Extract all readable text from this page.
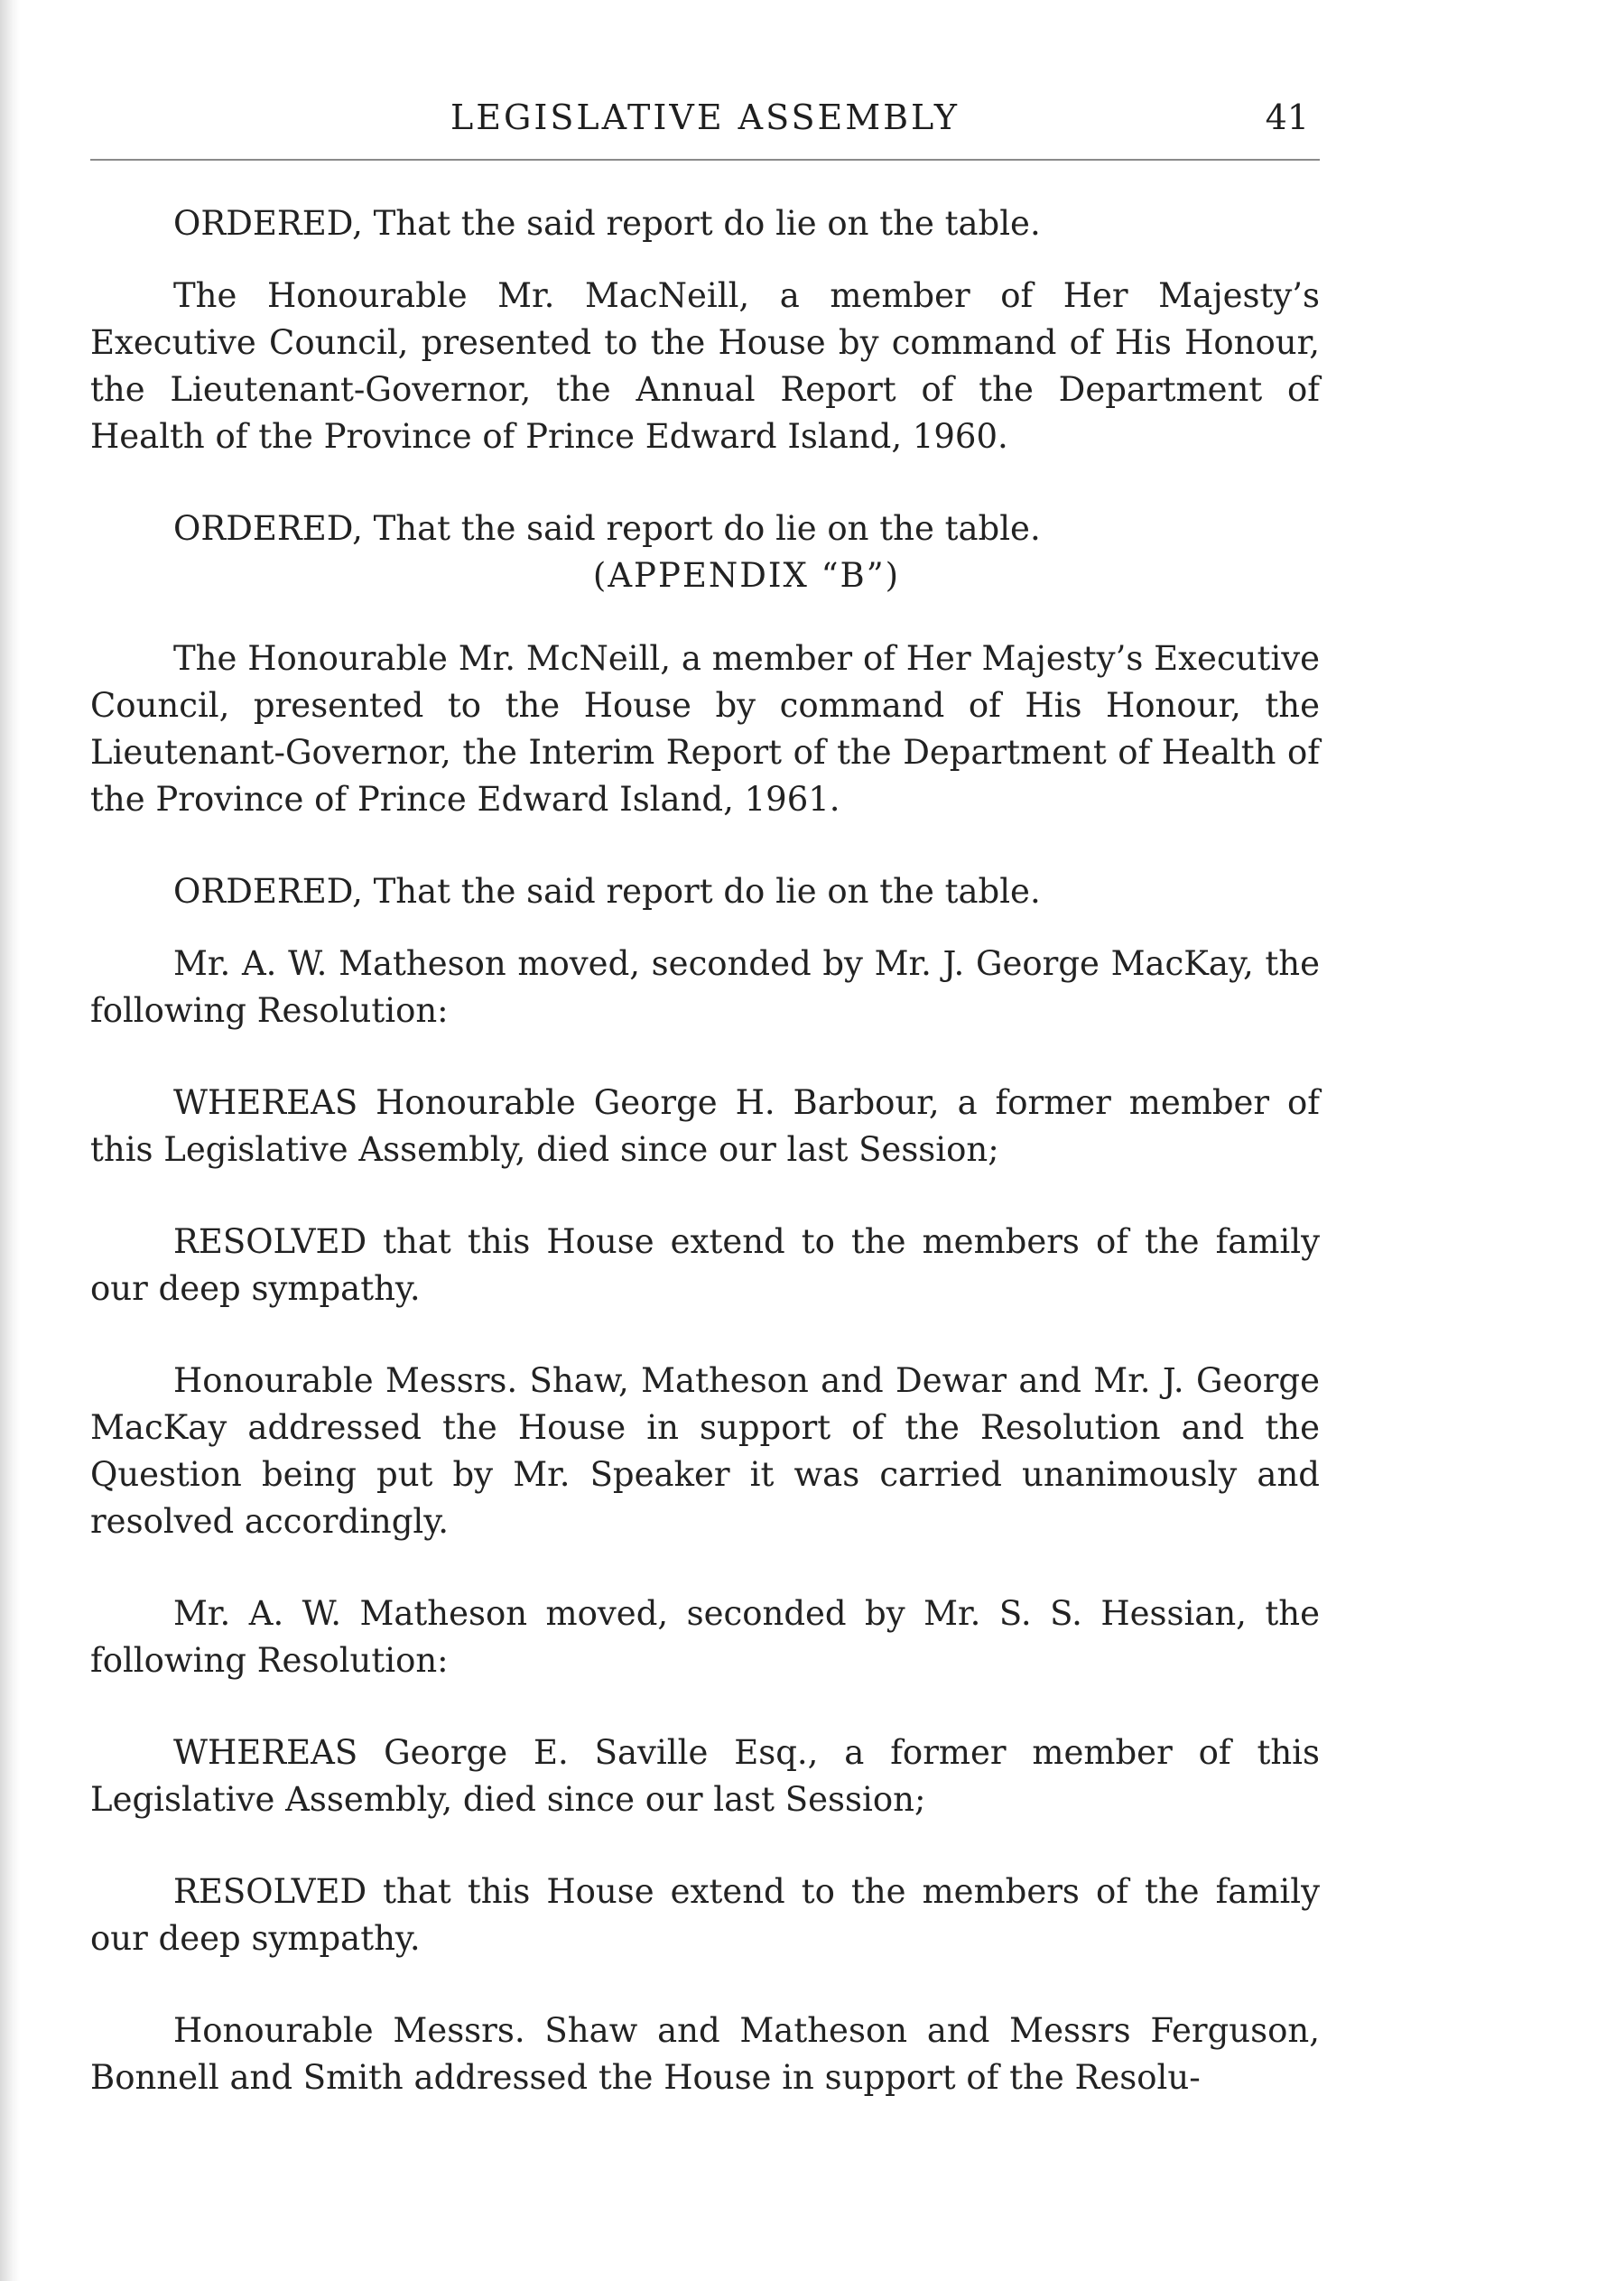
LEGISLATIVE ASSEMBLY	41

ORDERED, That the said report do lie on the table.

The Honourable Mr. MacNeill, a member of Her Majesty’s Executive Council, presented to the House by command of His Honour, the Lieutenant-Governor, the Annual Report of the Department of Health of the Province of Prince Edward Island, 1960.

ORDERED, That the said report do lie on the table.

(APPENDIX “B”)

The Honourable Mr. McNeill, a member of Her Majesty’s Executive Council, presented to the House by command of His Honour, the Lieutenant-Governor, the Interim Report of the Department of Health of the Province of Prince Edward Island, 1961.

ORDERED, That the said report do lie on the table.

Mr. A. W. Matheson moved, seconded by Mr. J. George MacKay, the following Resolution:

WHEREAS Honourable George H. Barbour, a former member of this Legislative Assembly, died since our last Session;

RESOLVED that this House extend to the members of the family our deep sympathy.

Honourable Messrs. Shaw, Matheson and Dewar and Mr. J. George MacKay addressed the House in support of the Resolution and the Question being put by Mr. Speaker it was carried unanimously and resolved accordingly.

Mr. A. W. Matheson moved, seconded by Mr. S. S. Hessian, the following Resolution:

WHEREAS George E. Saville Esq., a former member of this Legislative Assembly, died since our last Session;

RESOLVED that this House extend to the members of the family our deep sympathy.

Honourable Messrs. Shaw and Matheson and Messrs Ferguson, Bonnell and Smith addressed the House in support of the Resolu-
